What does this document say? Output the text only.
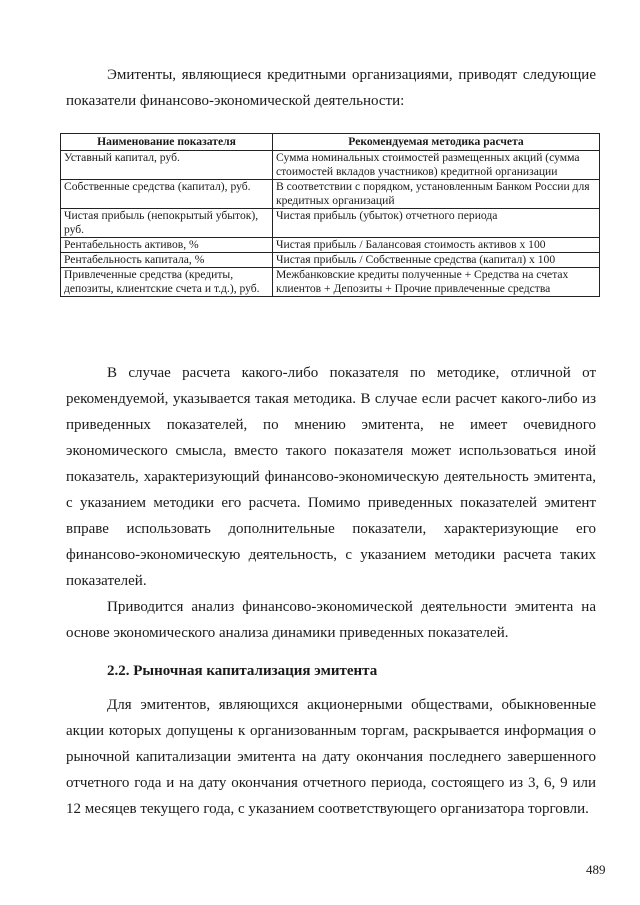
Эмитенты, являющиеся кредитными организациями, приводят следующие показатели финансово-экономической деятельности:

Наименование показателя	Рекомендуемая методика расчета
Уставный капитал, руб.	Сумма номинальных стоимостей размещенных акций (сумма стоимостей вкладов участников) кредитной организации
Собственные средства (капитал), руб.	В соответствии с порядком, установленным Банком России для кредитных организаций
Чистая прибыль (непокрытый убыток), руб.	Чистая прибыль (убыток) отчетного периода
Рентабельность активов, %	Чистая прибыль / Балансовая стоимость активов х 100
Рентабельность капитала, %	Чистая прибыль / Собственные средства (капитал) х 100
Привлеченные средства (кредиты, депозиты, клиентские счета и т.д.), руб.	Межбанковские кредиты полученные + Средства на счетах клиентов + Депозиты + Прочие привлеченные средства

В случае расчета какого-либо показателя по методике, отличной от рекомендуемой, указывается такая методика. В случае если расчет какого-либо из приведенных показателей, по мнению эмитента, не имеет очевидного экономического смысла, вместо такого показателя может использоваться иной показатель, характеризующий финансово-экономическую деятельность эмитента, с указанием методики его расчета. Помимо приведенных показателей эмитент вправе использовать дополнительные показатели, характеризующие его финансово-экономическую деятельность, с указанием методики расчета таких показателей.

Приводится анализ финансово-экономической деятельности эмитента на основе экономического анализа динамики приведенных показателей.

2.2. Рыночная капитализация эмитента

Для эмитентов, являющихся акционерными обществами, обыкновенные акции которых допущены к организованным торгам, раскрывается информация о рыночной капитализации эмитента на дату окончания последнего завершенного отчетного года и на дату окончания отчетного периода, состоящего из 3, 6, 9 или 12 месяцев текущего года, с указанием соответствующего организатора торговли.

489
